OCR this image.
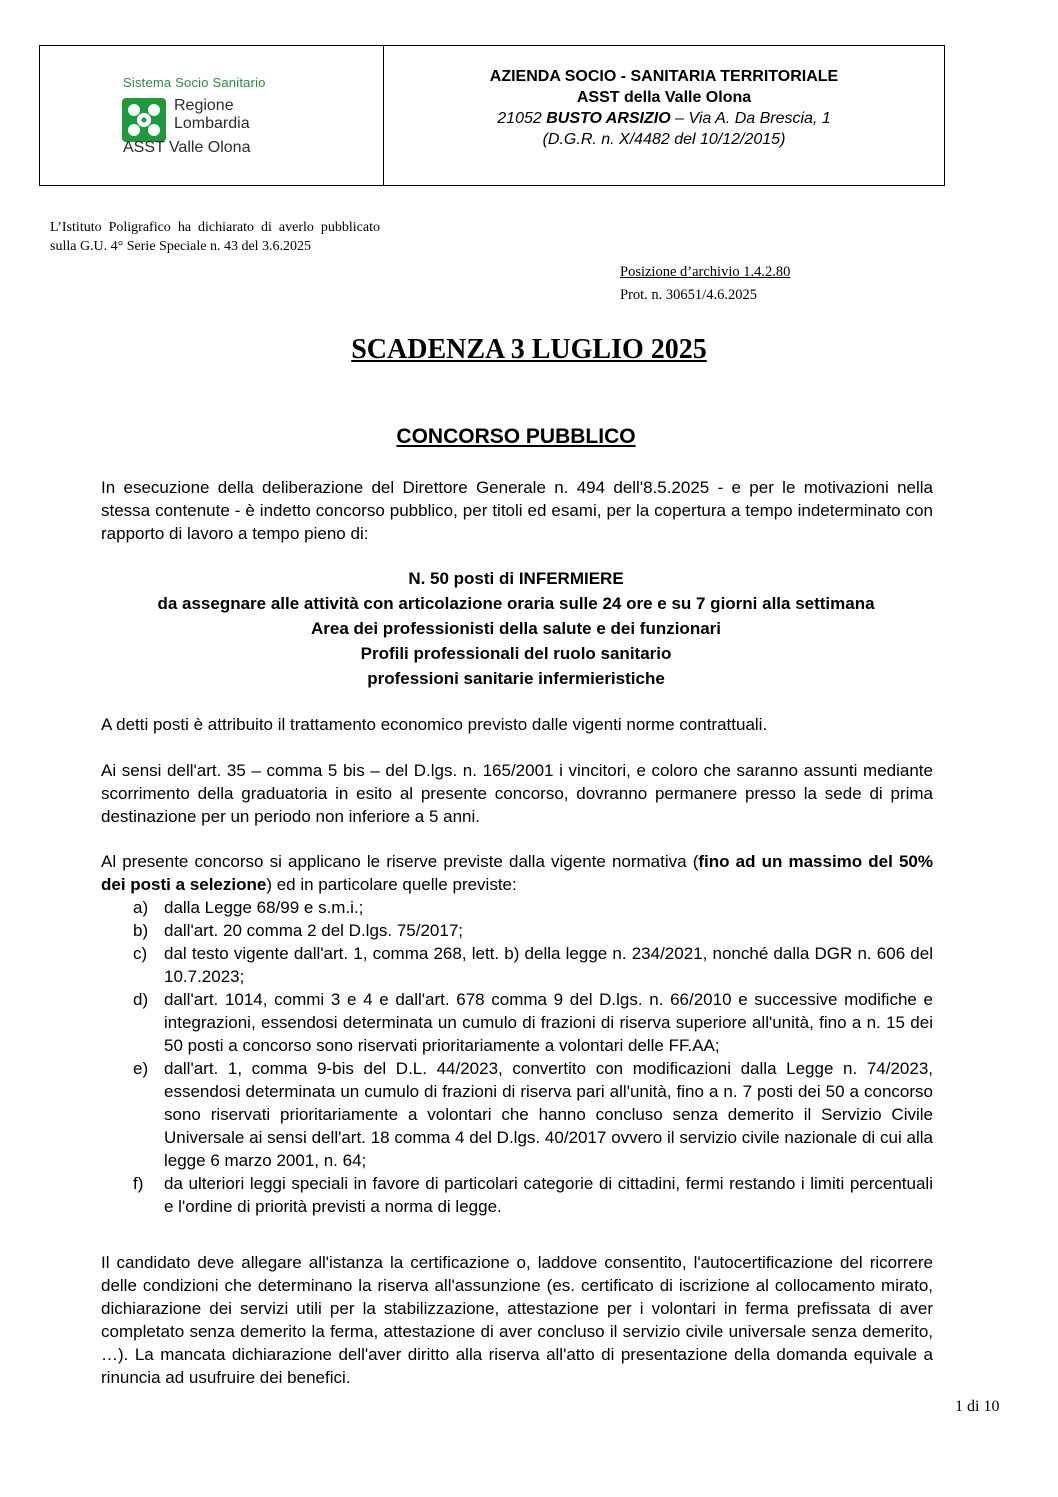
Sistema Socio Sanitario
Regione
Lombardia
ASST Valle Olona
AZIENDA SOCIO - SANITARIA TERRITORIALE
ASST della Valle Olona
21052 BUSTO ARSIZIO – Via A. Da Brescia, 1
(D.G.R. n. X/4482 del 10/12/2015)
L’Istituto Poligrafico ha dichiarato di averlo pubblicato sulla G.U. 4° Serie Speciale n. 43 del 3.6.2025
Posizione d’archivio 1.4.2.80
Prot. n. 30651/4.6.2025
SCADENZA 3 LUGLIO 2025
CONCORSO PUBBLICO
In esecuzione della deliberazione del Direttore Generale n. 494 dell'8.5.2025 - e per le motivazioni nella stessa contenute - è indetto concorso pubblico, per titoli ed esami, per la copertura a tempo indeterminato con rapporto di lavoro a tempo pieno di:
N. 50 posti di INFERMIERE
da assegnare alle attività con articolazione oraria sulle 24 ore e su 7 giorni alla settimana
Area dei professionisti della salute e dei funzionari
Profili professionali del ruolo sanitario
professioni sanitarie infermieristiche
A detti posti è attribuito il trattamento economico previsto dalle vigenti norme contrattuali.
Ai sensi dell'art. 35 – comma 5 bis – del D.lgs. n. 165/2001 i vincitori, e coloro che saranno assunti mediante scorrimento della graduatoria in esito al presente concorso, dovranno permanere presso la sede di prima destinazione per un periodo non inferiore a 5 anni.
Al presente concorso si applicano le riserve previste dalla vigente normativa (fino ad un massimo del 50% dei posti a selezione) ed in particolare quelle previste:
a) dalla Legge 68/99 e s.m.i.;
b) dall'art. 20 comma 2 del D.lgs. 75/2017;
c) dal testo vigente dall'art. 1, comma 268, lett. b) della legge n. 234/2021, nonché dalla DGR n. 606 del 10.7.2023;
d) dall'art. 1014, commi 3 e 4 e dall'art. 678 comma 9 del D.lgs. n. 66/2010 e successive modifiche e integrazioni, essendosi determinata un cumulo di frazioni di riserva superiore all'unità, fino a n. 15 dei 50 posti a concorso sono riservati prioritariamente a volontari delle FF.AA;
e) dall'art. 1, comma 9-bis del D.L. 44/2023, convertito con modificazioni dalla Legge n. 74/2023, essendosi determinata un cumulo di frazioni di riserva pari all'unità, fino a n. 7 posti dei 50 a concorso sono riservati prioritariamente a volontari che hanno concluso senza demerito il Servizio Civile Universale ai sensi dell'art. 18 comma 4 del D.lgs. 40/2017 ovvero il servizio civile nazionale di cui alla legge 6 marzo 2001, n. 64;
f)	da ulteriori leggi speciali in favore di particolari categorie di cittadini, fermi restando i limiti percentuali e l'ordine di priorità previsti a norma di legge.
Il candidato deve allegare all'istanza la certificazione o, laddove consentito, l'autocertificazione del ricorrere delle condizioni che determinano la riserva all'assunzione (es. certificato di iscrizione al collocamento mirato, dichiarazione dei servizi utili per la stabilizzazione, attestazione per i volontari in ferma prefissata di aver completato senza demerito la ferma, attestazione di aver concluso il servizio civile universale senza demerito, …). La mancata dichiarazione dell'aver diritto alla riserva all'atto di presentazione della domanda equivale a rinuncia ad usufruire dei benefici.
1 di 10
